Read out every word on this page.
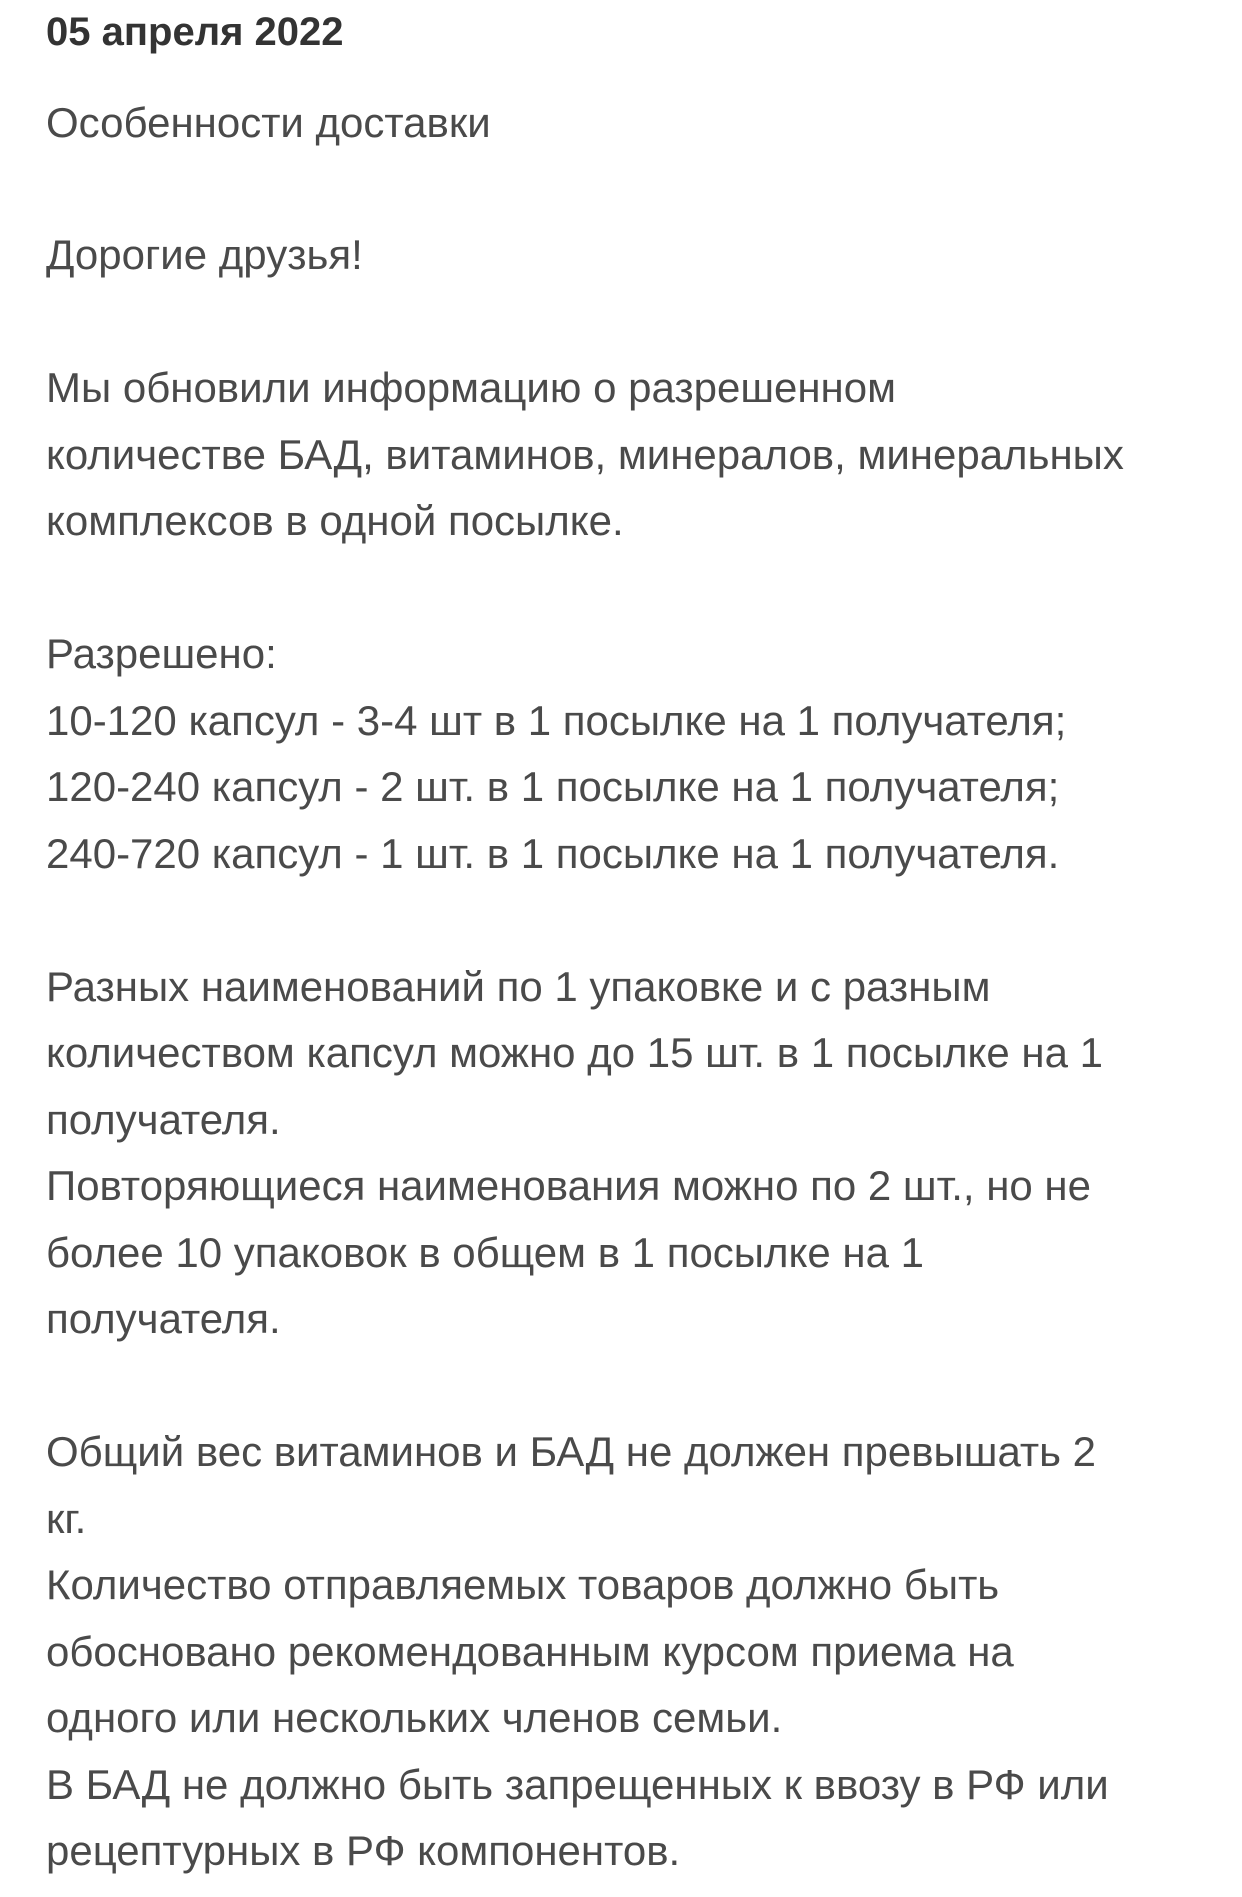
05 апреля 2022
Особенности доставки

Дорогие друзья!

Мы обновили информацию о разрешенном
количестве БАД, витаминов, минералов, минеральных
комплексов в одной посылке.

Разрешено:
10-120 капсул - 3-4 шт в 1 посылке на 1 получателя;
120-240 капсул - 2 шт. в 1 посылке на 1 получателя;
240-720 капсул - 1 шт. в 1 посылке на 1 получателя.

Разных наименований по 1 упаковке и с разным
количеством капсул можно до 15 шт. в 1 посылке на 1
получателя.
Повторяющиеся наименования можно по 2 шт., но не
более 10 упаковок в общем в 1 посылке на 1
получателя.

Общий вес витаминов и БАД не должен превышать 2
кг.
Количество отправляемых товаров должно быть
обосновано рекомендованным курсом приема на
одного или нескольких членов семьи.
В БАД не должно быть запрещенных к ввозу в РФ или
рецептурных в РФ компонентов.
